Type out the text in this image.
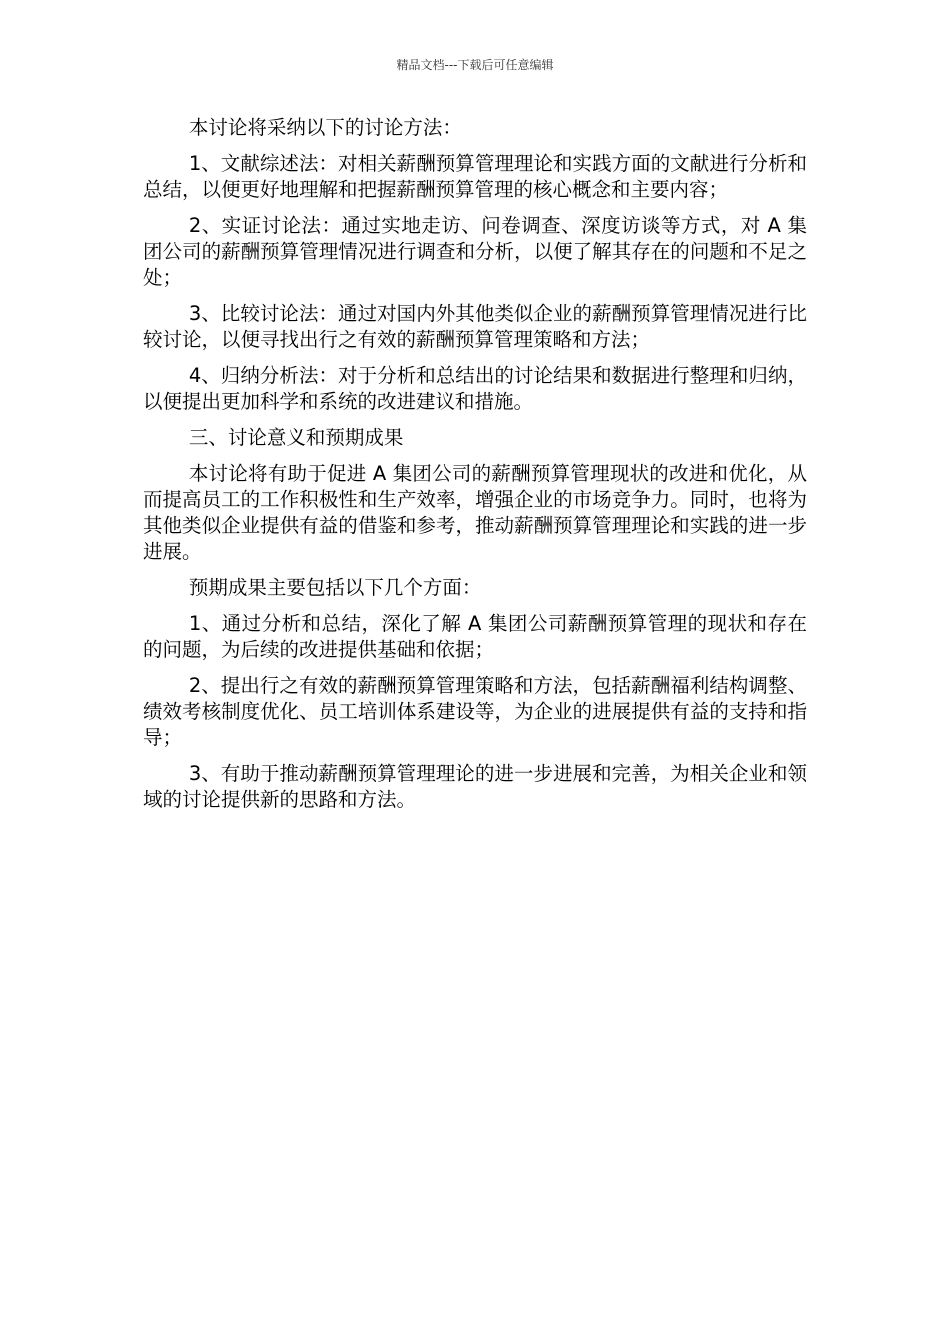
精品文档---下载后可任意编辑

本讨论将采纳以下的讨论方法：

1、文献综述法：对相关薪酬预算管理理论和实践方面的文献进行分析和总结，以便更好地理解和把握薪酬预算管理的核心概念和主要内容；

2、实证讨论法：通过实地走访、问卷调查、深度访谈等方式，对 A 集团公司的薪酬预算管理情况进行调查和分析，以便了解其存在的问题和不足之处；

3、比较讨论法：通过对国内外其他类似企业的薪酬预算管理情况进行比较讨论，以便寻找出行之有效的薪酬预算管理策略和方法；

4、归纳分析法：对于分析和总结出的讨论结果和数据进行整理和归纳，以便提出更加科学和系统的改进建议和措施。

三、讨论意义和预期成果

本讨论将有助于促进 A 集团公司的薪酬预算管理现状的改进和优化，从而提高员工的工作积极性和生产效率，增强企业的市场竞争力。同时，也将为其他类似企业提供有益的借鉴和参考，推动薪酬预算管理理论和实践的进一步进展。

预期成果主要包括以下几个方面：

1、通过分析和总结，深化了解 A 集团公司薪酬预算管理的现状和存在的问题，为后续的改进提供基础和依据；

2、提出行之有效的薪酬预算管理策略和方法，包括薪酬福利结构调整、绩效考核制度优化、员工培训体系建设等，为企业的进展提供有益的支持和指导；

3、有助于推动薪酬预算管理理论的进一步进展和完善，为相关企业和领域的讨论提供新的思路和方法。
